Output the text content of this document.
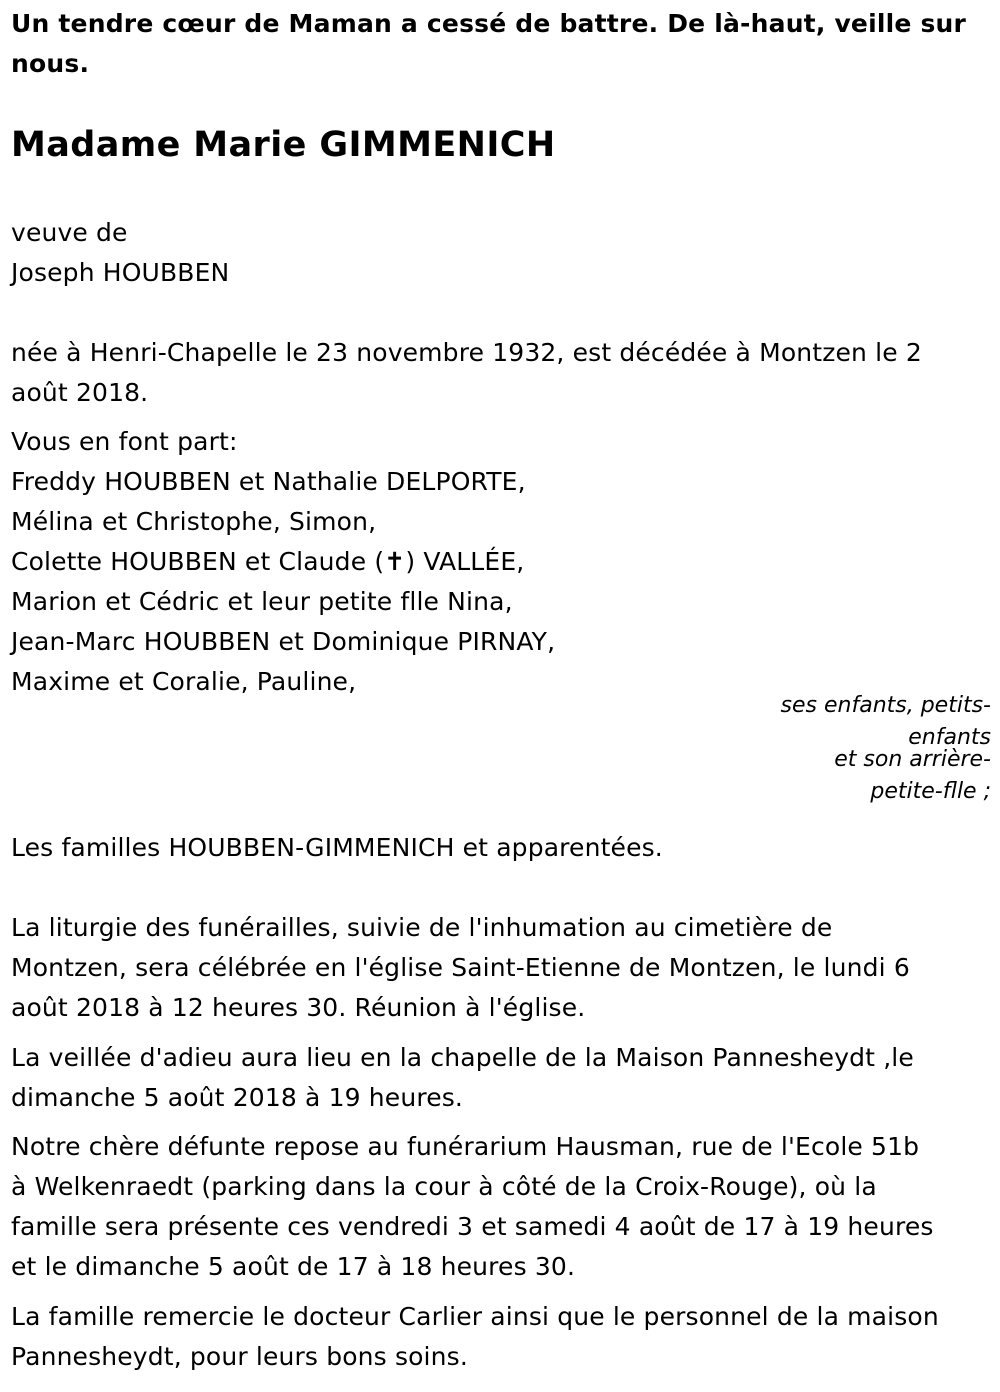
Un tendre cœur de Maman a cessé de battre. De là-haut, veille sur nous.

Madame Marie GIMMENICH

veuve de
Joseph HOUBBEN

née à Henri-Chapelle le 23 novembre 1932, est décédée à Montzen le 2
août 2018.

Vous en font part:
Freddy HOUBBEN et Nathalie DELPORTE,
Mélina et Christophe, Simon,
Colette HOUBBEN et Claude (✝) VALLÉE,
Marion et Cédric et leur petite flle Nina,
Jean-Marc HOUBBEN et Dominique PIRNAY,
Maxime et Coralie, Pauline,

ses enfants, petits-
enfants
et son arrière-
petite-flle ;

Les familles HOUBBEN-GIMMENICH et apparentées.

La liturgie des funérailles, suivie de l'inhumation au cimetière de
Montzen, sera célébrée en l'église Saint-Etienne de Montzen, le lundi 6
août 2018 à 12 heures 30. Réunion à l'église.

La veillée d'adieu aura lieu en la chapelle de la Maison Pannesheydt ,le
dimanche 5 août 2018 à 19 heures.

Notre chère défunte repose au funérarium Hausman, rue de l'Ecole 51b
à Welkenraedt (parking dans la cour à côté de la Croix-Rouge), où la
famille sera présente ces vendredi 3 et samedi 4 août de 17 à 19 heures
et le dimanche 5 août de 17 à 18 heures 30.

La famille remercie le docteur Carlier ainsi que le personnel de la maison
Pannesheydt, pour leurs bons soins.
